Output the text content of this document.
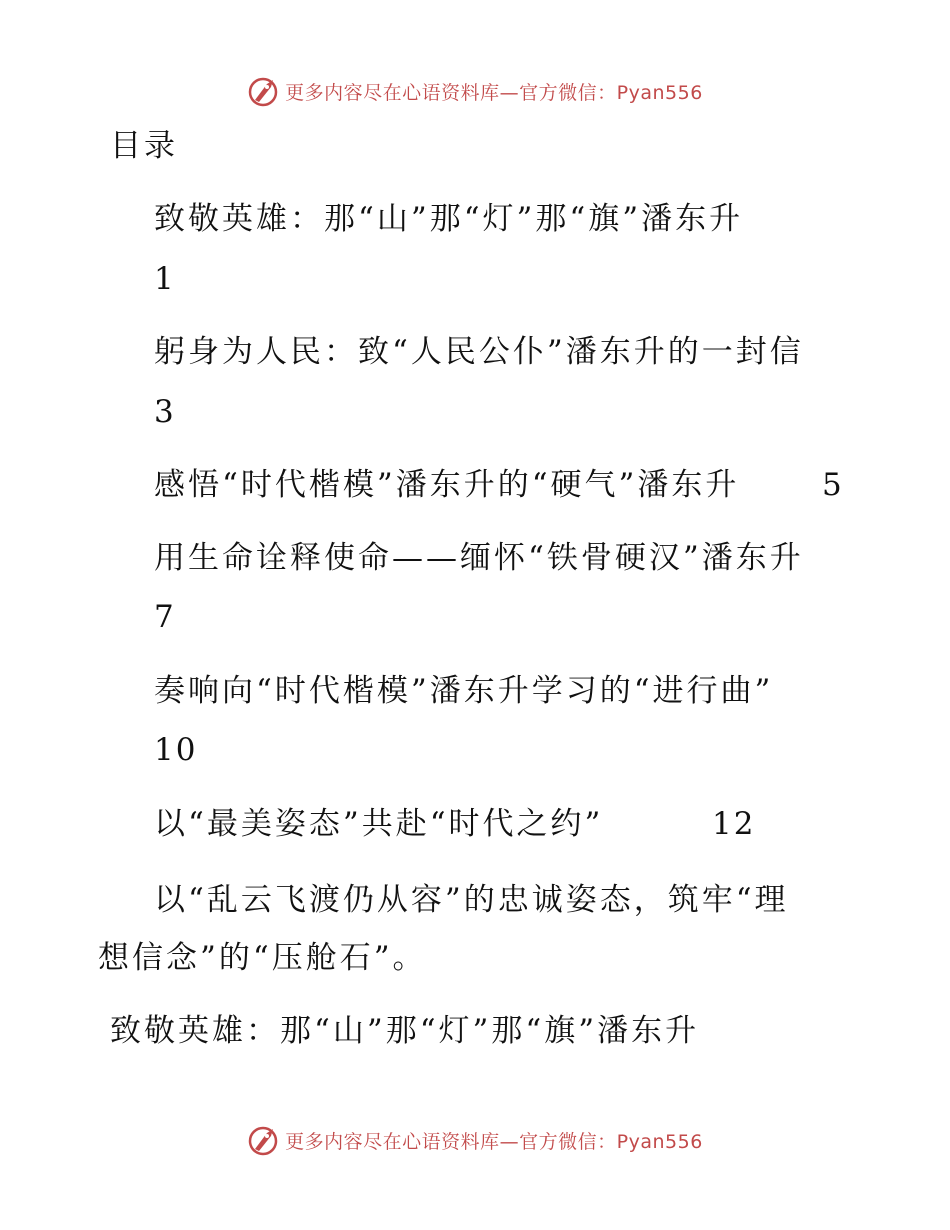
更多内容尽在心语资料库—官方微信：Pyan556
目录
致敬英雄：那“山”那“灯”那“旗”潘东升
1
躬身为人民：致“人民公仆”潘东升的一封信
3
感悟“时代楷模”潘东升的“硬气”潘东升	5
用生命诠释使命——缅怀“铁骨硬汉”潘东升
7
奏响向“时代楷模”潘东升学习的“进行曲”
10
以“最美姿态”共赴“时代之约”	12
以“乱云飞渡仍从容”的忠诚姿态，筑牢“理
想信念”的“压舱石”。
致敬英雄：那“山”那“灯”那“旗”潘东升
更多内容尽在心语资料库—官方微信：Pyan556
